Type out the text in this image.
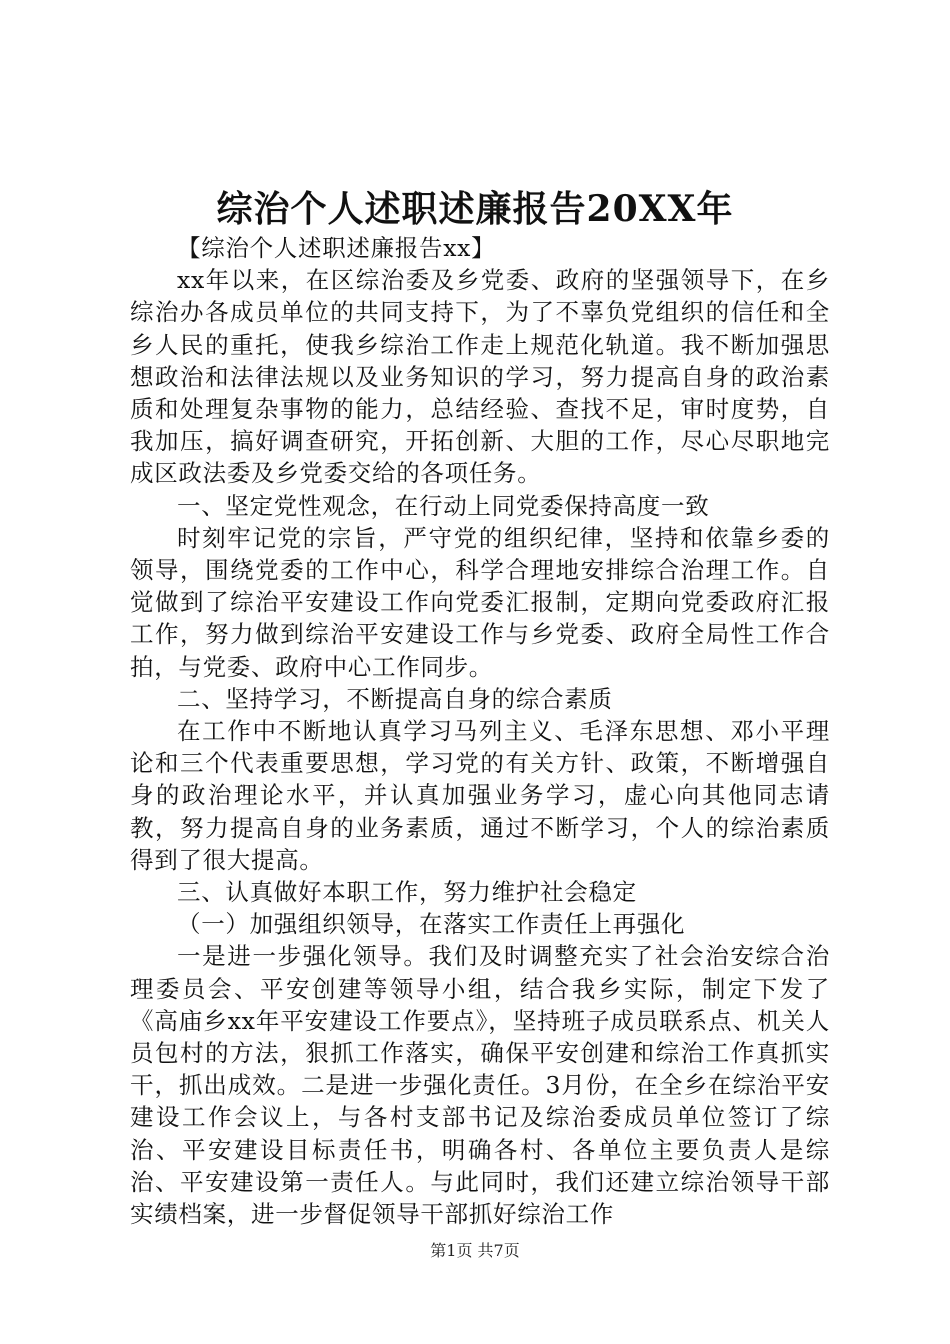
综治个人述职述廉报告20XX年

【综治个人述职述廉报告xx】

xx年以来，在区综治委及乡党委、政府的坚强领导下，在乡综治办各成员单位的共同支持下，为了不辜负党组织的信任和全乡人民的重托，使我乡综治工作走上规范化轨道。我不断加强思想政治和法律法规以及业务知识的学习，努力提高自身的政治素质和处理复杂事物的能力，总结经验、查找不足，审时度势，自我加压，搞好调查研究，开拓创新、大胆的工作，尽心尽职地完成区政法委及乡党委交给的各项任务。

一、坚定党性观念，在行动上同党委保持高度一致

时刻牢记党的宗旨，严守党的组织纪律，坚持和依靠乡委的领导，围绕党委的工作中心，科学合理地安排综合治理工作。自觉做到了综治平安建设工作向党委汇报制，定期向党委政府汇报工作，努力做到综治平安建设工作与乡党委、政府全局性工作合拍，与党委、政府中心工作同步。

二、坚持学习，不断提高自身的综合素质

在工作中不断地认真学习马列主义、毛泽东思想、邓小平理论和三个代表重要思想，学习党的有关方针、政策，不断增强自身的政治理论水平，并认真加强业务学习，虚心向其他同志请教，努力提高自身的业务素质，通过不断学习，个人的综治素质得到了很大提高。

三、认真做好本职工作，努力维护社会稳定

（一）加强组织领导，在落实工作责任上再强化

一是进一步强化领导。我们及时调整充实了社会治安综合治理委员会、平安创建等领导小组，结合我乡实际，制定下发了《高庙乡xx年平安建设工作要点》，坚持班子成员联系点、机关人员包村的方法，狠抓工作落实，确保平安创建和综治工作真抓实干，抓出成效。二是进一步强化责任。3月份，在全乡在综治平安建设工作会议上，与各村支部书记及综治委成员单位签订了综治、平安建设目标责任书，明确各村、各单位主要负责人是综治、平安建设第一责任人。与此同时，我们还建立综治领导干部实绩档案，进一步督促领导干部抓好综治工作

第1页 共7页
